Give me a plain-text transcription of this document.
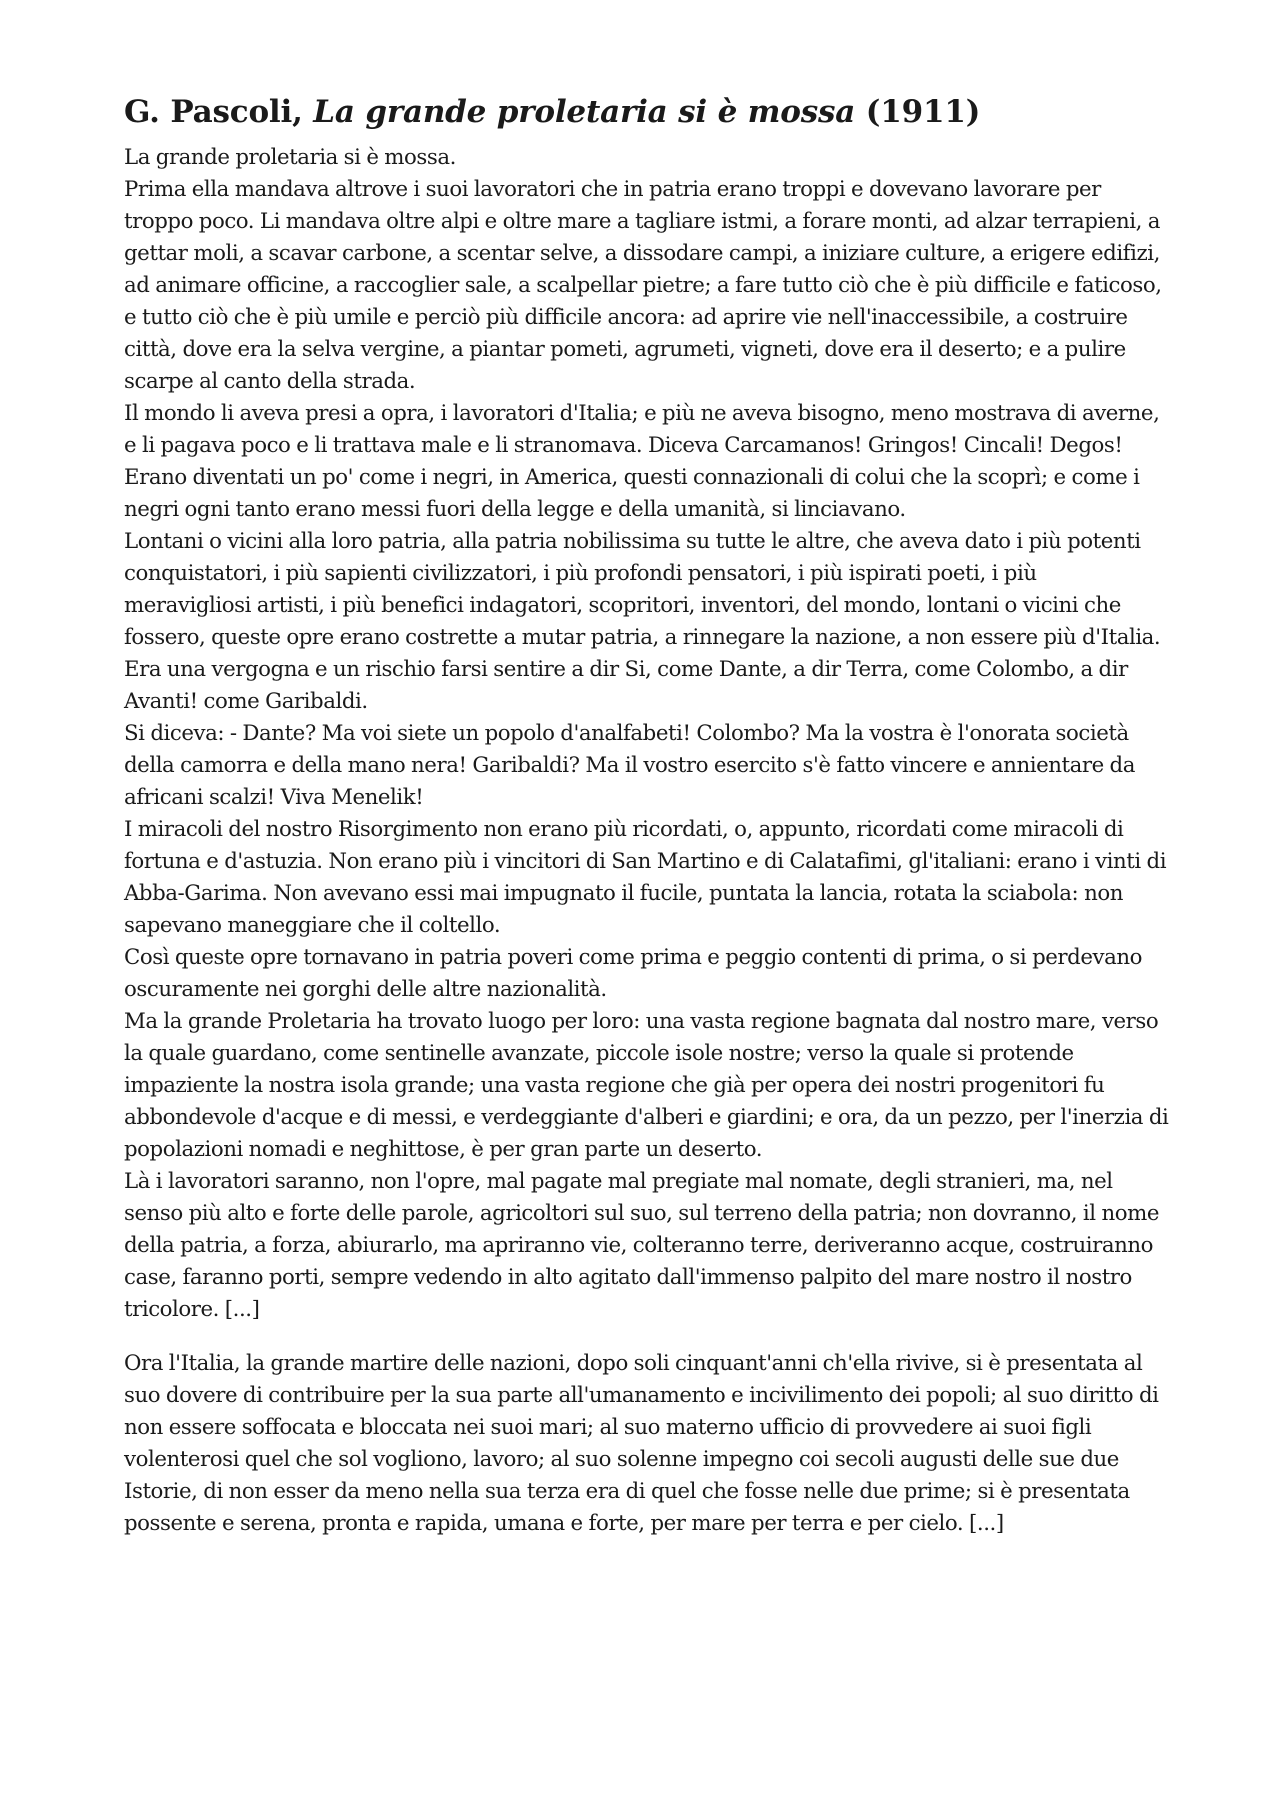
G. Pascoli, La grande proletaria si è mossa (1911)

La grande proletaria si è mossa.

Prima ella mandava altrove i suoi lavoratori che in patria erano troppi e dovevano lavorare per troppo poco. Li mandava oltre alpi e oltre mare a tagliare istmi, a forare monti, ad alzar terrapieni, a gettar moli, a scavar carbone, a scentar selve, a dissodare campi, a iniziare culture, a erigere edifizi, ad animare officine, a raccoglier sale, a scalpellar pietre; a fare tutto ciò che è più difficile e faticoso, e tutto ciò che è più umile e perciò più difficile ancora: ad aprire vie nell'inaccessibile, a costruire città, dove era la selva vergine, a piantar pometi, agrumeti, vigneti, dove era il deserto; e a pulire scarpe al canto della strada.

Il mondo li aveva presi a opra, i lavoratori d'Italia; e più ne aveva bisogno, meno mostrava di averne, e li pagava poco e li trattava male e li stranomava. Diceva Carcamanos! Gringos! Cincali! Degos!

Erano diventati un po' come i negri, in America, questi connazionali di colui che la scoprì; e come i negri ogni tanto erano messi fuori della legge e della umanità, si linciavano.

Lontani o vicini alla loro patria, alla patria nobilissima su tutte le altre, che aveva dato i più potenti conquistatori, i più sapienti civilizzatori, i più profondi pensatori, i più ispirati poeti, i più meravigliosi artisti, i più benefici indagatori, scopritori, inventori, del mondo, lontani o vicini che fossero, queste opre erano costrette a mutar patria, a rinnegare la nazione, a non essere più d'Italia.

Era una vergogna e un rischio farsi sentire a dir Si, come Dante, a dir Terra, come Colombo, a dir Avanti! come Garibaldi.

Si diceva: - Dante? Ma voi siete un popolo d'analfabeti! Colombo? Ma la vostra è l'onorata società della camorra e della mano nera! Garibaldi? Ma il vostro esercito s'è fatto vincere e annientare da africani scalzi! Viva Menelik!

I miracoli del nostro Risorgimento non erano più ricordati, o, appunto, ricordati come miracoli di fortuna e d'astuzia. Non erano più i vincitori di San Martino e di Calatafimi, gl'italiani: erano i vinti di Abba-Garima. Non avevano essi mai impugnato il fucile, puntata la lancia, rotata la sciabola: non sapevano maneggiare che il coltello.

Così queste opre tornavano in patria poveri come prima e peggio contenti di prima, o si perdevano oscuramente nei gorghi delle altre nazionalità.

Ma la grande Proletaria ha trovato luogo per loro: una vasta regione bagnata dal nostro mare, verso la quale guardano, come sentinelle avanzate, piccole isole nostre; verso la quale si protende impaziente la nostra isola grande; una vasta regione che già per opera dei nostri progenitori fu abbondevole d'acque e di messi, e verdeggiante d'alberi e giardini; e ora, da un pezzo, per l'inerzia di popolazioni nomadi e neghittose, è per gran parte un deserto.

Là i lavoratori saranno, non l'opre, mal pagate mal pregiate mal nomate, degli stranieri, ma, nel senso più alto e forte delle parole, agricoltori sul suo, sul terreno della patria; non dovranno, il nome della patria, a forza, abiurarlo, ma apriranno vie, colteranno terre, deriveranno acque, costruiranno case, faranno porti, sempre vedendo in alto agitato dall'immenso palpito del mare nostro il nostro tricolore. [...]

Ora l'Italia, la grande martire delle nazioni, dopo soli cinquant'anni ch'ella rivive, si è presentata al suo dovere di contribuire per la sua parte all'umanamento e incivilimento dei popoli; al suo diritto di non essere soffocata e bloccata nei suoi mari; al suo materno ufficio di provvedere ai suoi figli volenterosi quel che sol vogliono, lavoro; al suo solenne impegno coi secoli augusti delle sue due Istorie, di non esser da meno nella sua terza era di quel che fosse nelle due prime; si è presentata possente e serena, pronta e rapida, umana e forte, per mare per terra e per cielo. [...]
